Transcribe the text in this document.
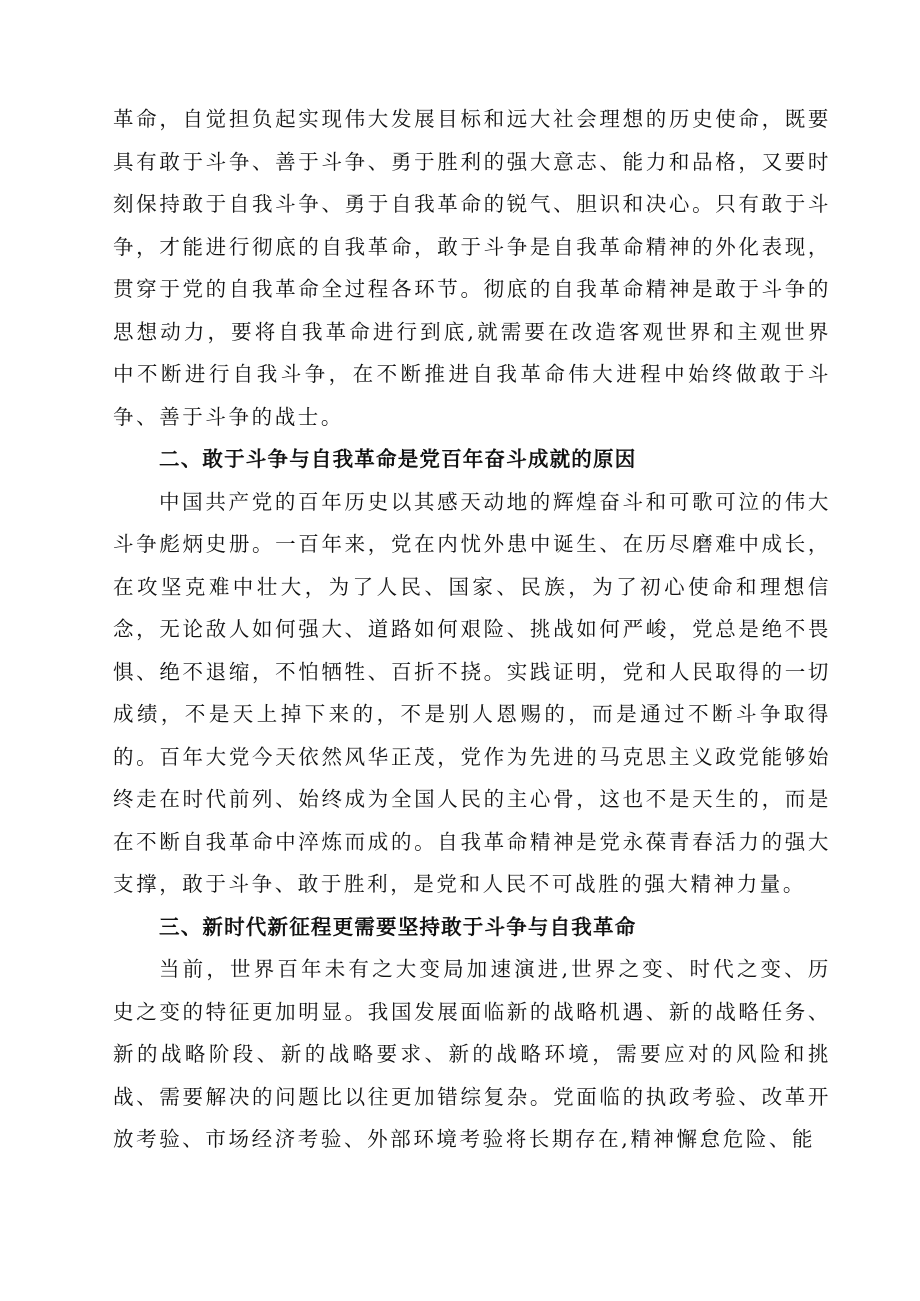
革命，自觉担负起实现伟大发展目标和远大社会理想的历史使命，既要具有敢于斗争、善于斗争、勇于胜利的强大意志、能力和品格，又要时刻保持敢于自我斗争、勇于自我革命的锐气、胆识和决心。只有敢于斗争，才能进行彻底的自我革命，敢于斗争是自我革命精神的外化表现，贯穿于党的自我革命全过程各环节。彻底的自我革命精神是敢于斗争的思想动力，要将自我革命进行到底,就需要在改造客观世界和主观世界中不断进行自我斗争，在不断推进自我革命伟大进程中始终做敢于斗争、善于斗争的战士。

二、敢于斗争与自我革命是党百年奋斗成就的原因

中国共产党的百年历史以其感天动地的辉煌奋斗和可歌可泣的伟大斗争彪炳史册。一百年来，党在内忧外患中诞生、在历尽磨难中成长，在攻坚克难中壮大，为了人民、国家、民族，为了初心使命和理想信念，无论敌人如何强大、道路如何艰险、挑战如何严峻，党总是绝不畏惧、绝不退缩，不怕牺牲、百折不挠。实践证明，党和人民取得的一切成绩，不是天上掉下来的，不是别人恩赐的，而是通过不断斗争取得的。百年大党今天依然风华正茂，党作为先进的马克思主义政党能够始终走在时代前列、始终成为全国人民的主心骨，这也不是天生的，而是在不断自我革命中淬炼而成的。自我革命精神是党永葆青春活力的强大支撑，敢于斗争、敢于胜利，是党和人民不可战胜的强大精神力量。

三、新时代新征程更需要坚持敢于斗争与自我革命

当前，世界百年未有之大变局加速演进,世界之变、时代之变、历史之变的特征更加明显。我国发展面临新的战略机遇、新的战略任务、新的战略阶段、新的战略要求、新的战略环境，需要应对的风险和挑战、需要解决的问题比以往更加错综复杂。党面临的执政考验、改革开放考验、市场经济考验、外部环境考验将长期存在,精神懈怠危险、能
